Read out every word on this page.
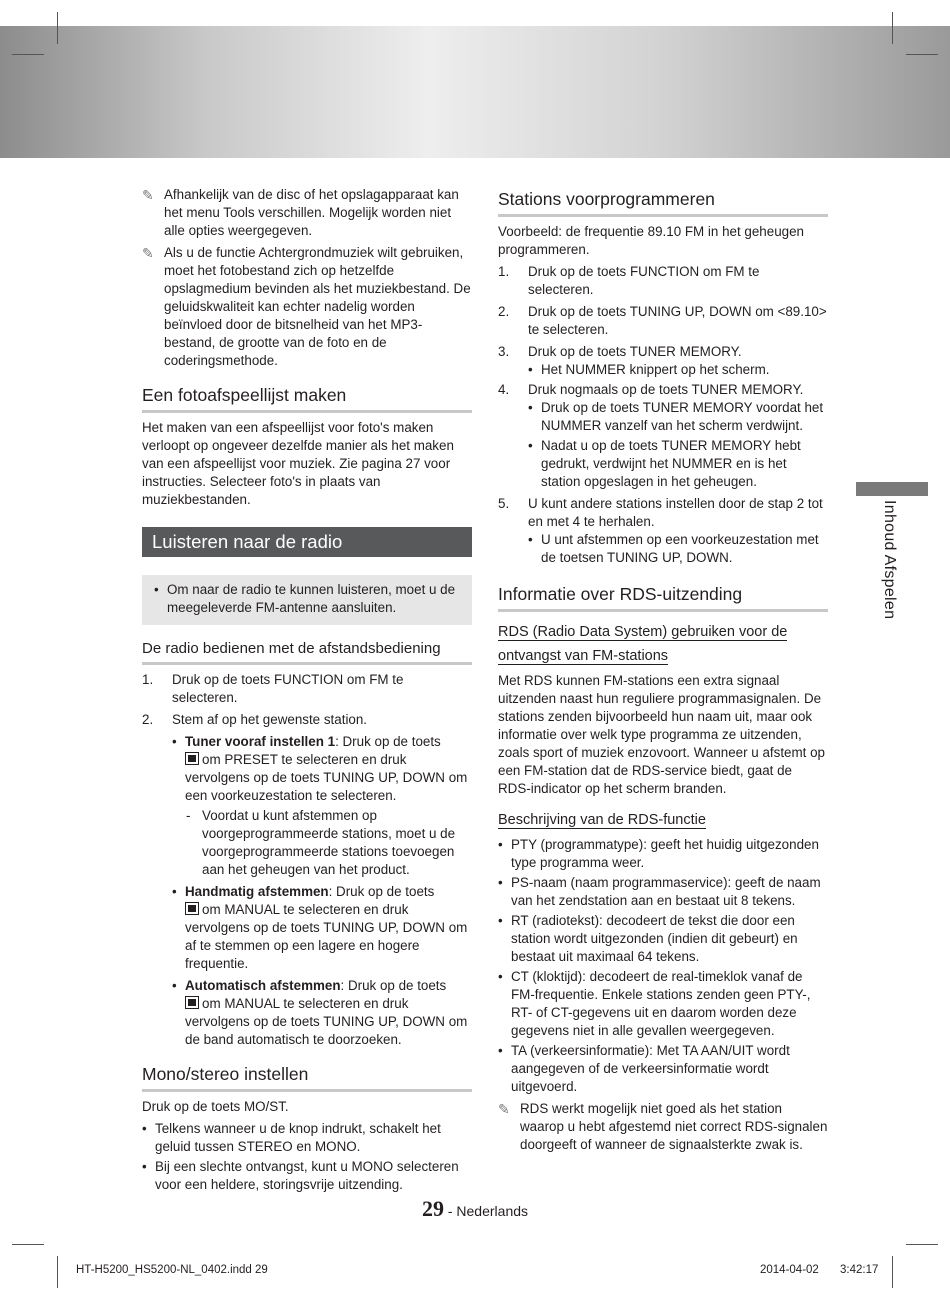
✎ Afhankelijk van de disc of het opslagapparaat kan het menu Tools verschillen. Mogelijk worden niet alle opties weergegeven.
✎ Als u de functie Achtergrondmuziek wilt gebruiken, moet het fotobestand zich op hetzelfde opslagmedium bevinden als het muziekbestand. De geluidskwaliteit kan echter nadelig worden beïnvloed door de bitsnelheid van het MP3-bestand, de grootte van de foto en de coderingsmethode.
Een fotoafspeellijst maken

Het maken van een afspeellijst voor foto's maken verloopt op ongeveer dezelfde manier als het maken van een afspeellijst voor muziek. Zie pagina 27 voor instructies. Selecteer foto's in plaats van muziekbestanden.

Luisteren naar de radio
• Om naar de radio te kunnen luisteren, moet u de meegeleverde FM-antenne aansluiten.
De radio bedienen met de afstandsbediening
1.	Druk op de toets FUNCTION om FM te selecteren.
2.	Stem af op het gewenste station.
• Tuner vooraf instellen 1: Druk op de toets
om PRESET te selecteren en druk vervolgens op de toets TUNING UP, DOWN om een voorkeuzestation te selecteren.
- Voordat u kunt afstemmen op voorgeprogrammeerde stations, moet u de voorgeprogrammeerde stations toevoegen aan het geheugen van het product.
• Handmatig afstemmen: Druk op de toets
om MANUAL te selecteren en druk vervolgens op de toets TUNING UP, DOWN om af te stemmen op een lagere en hogere frequentie.
• Automatisch afstemmen: Druk op de toets
om MANUAL te selecteren en druk vervolgens op de toets TUNING UP, DOWN om de band automatisch te doorzoeken.
Mono/stereo instellen

Druk op de toets MO/ST.

• Telkens wanneer u de knop indrukt, schakelt het geluid tussen STEREO en MONO.
• Bij een slechte ontvangst, kunt u MONO selecteren voor een heldere, storingsvrije uitzending.
Stations voorprogrammeren

Voorbeeld: de frequentie 89.10 FM in het geheugen programmeren.

1.	Druk op de toets FUNCTION om FM te selecteren.
2.	Druk op de toets TUNING UP, DOWN om <89.10> te selecteren.
3.	Druk op de toets TUNER MEMORY.
• Het NUMMER knippert op het scherm.
4.	Druk nogmaals op de toets TUNER MEMORY.
• Druk op de toets TUNER MEMORY voordat het NUMMER vanzelf van het scherm verdwijnt.
• Nadat u op de toets TUNER MEMORY hebt gedrukt, verdwijnt het NUMMER en is het station opgeslagen in het geheugen.
5.	U kunt andere stations instellen door de stap 2 tot en met 4 te herhalen.
• U unt afstemmen op een voorkeuzestation met de toetsen TUNING UP, DOWN.
Informatie over RDS-uitzending
RDS (Radio Data System) gebruiken voor de
ontvangst van FM-stations

Met RDS kunnen FM-stations een extra signaal uitzenden naast hun reguliere programmasignalen. De stations zenden bijvoorbeeld hun naam uit, maar ook informatie over welk type programma ze uitzenden, zoals sport of muziek enzovoort. Wanneer u afstemt op een FM-station dat de RDS-service biedt, gaat de RDS-indicator op het scherm branden.

Beschrijving van de RDS-functie
• PTY (programmatype): geeft het huidig uitgezonden type programma weer.
• PS-naam (naam programmaservice): geeft de naam van het zendstation aan en bestaat uit 8 tekens.
• RT (radiotekst): decodeert de tekst die door een station wordt uitgezonden (indien dit gebeurt) en bestaat uit maximaal 64 tekens.
• CT (kloktijd): decodeert de real-timeklok vanaf de FM-frequentie. Enkele stations zenden geen PTY-, RT- of CT-gegevens uit en daarom worden deze gegevens niet in alle gevallen weergegeven.
• TA (verkeersinformatie): Met TA AAN/UIT wordt aangegeven of de verkeersinformatie wordt uitgevoerd.
✎ RDS werkt mogelijk niet goed als het station waarop u hebt afgestemd niet correct RDS-signalen doorgeeft of wanneer de signaalsterkte zwak is.
Inhoud Afspelen
29 - Nederlands
HT-H5200_HS5200-NL_0402.indd 29	2014-04-02 3:42:17
